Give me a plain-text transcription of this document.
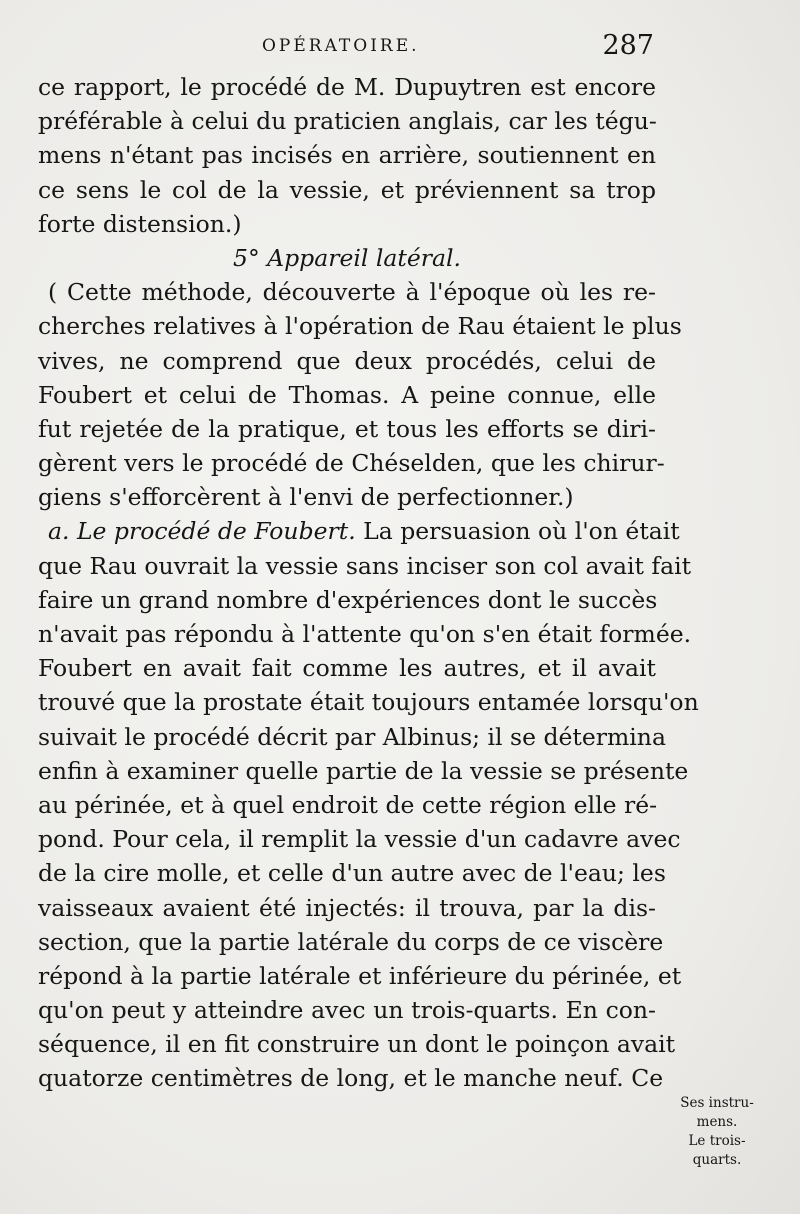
OPÉRATOIRE.	287
ce rapport, le procédé de M. Dupuytren est encore
préférable à celui du praticien anglais, car les tégu-
mens n'étant pas incisés en arrière, soutiennent en
ce sens le col de la vessie, et préviennent sa trop
forte distension.)
5° Appareil latéral.
( Cette méthode, découverte à l'époque où les re-
cherches relatives à l'opération de Rau étaient le plus
vives, ne comprend que deux procédés, celui de
Foubert et celui de Thomas. A peine connue, elle
fut rejetée de la pratique, et tous les efforts se diri-
gèrent vers le procédé de Chéselden, que les chirur-
giens s'efforcèrent à l'envi de perfectionner.)
a. Le procédé de Foubert. La persuasion où l'on était
que Rau ouvrait la vessie sans inciser son col avait fait
faire un grand nombre d'expériences dont le succès
n'avait pas répondu à l'attente qu'on s'en était formée.
Foubert en avait fait comme les autres, et il avait
trouvé que la prostate était toujours entamée lorsqu'on
suivait le procédé décrit par Albinus; il se détermina
enfin à examiner quelle partie de la vessie se présente
au périnée, et à quel endroit de cette région elle ré-
pond. Pour cela, il remplit la vessie d'un cadavre avec
de la cire molle, et celle d'un autre avec de l'eau; les
vaisseaux avaient été injectés: il trouva, par la dis-
section, que la partie latérale du corps de ce viscère
répond à la partie latérale et inférieure du périnée, et
qu'on peut y atteindre avec un trois-quarts. En con-
séquence, il en fit construire un dont le poinçon avait
quatorze centimètres de long, et le manche neuf. Ce
Ses instru-
mens.
Le trois-
quarts.
